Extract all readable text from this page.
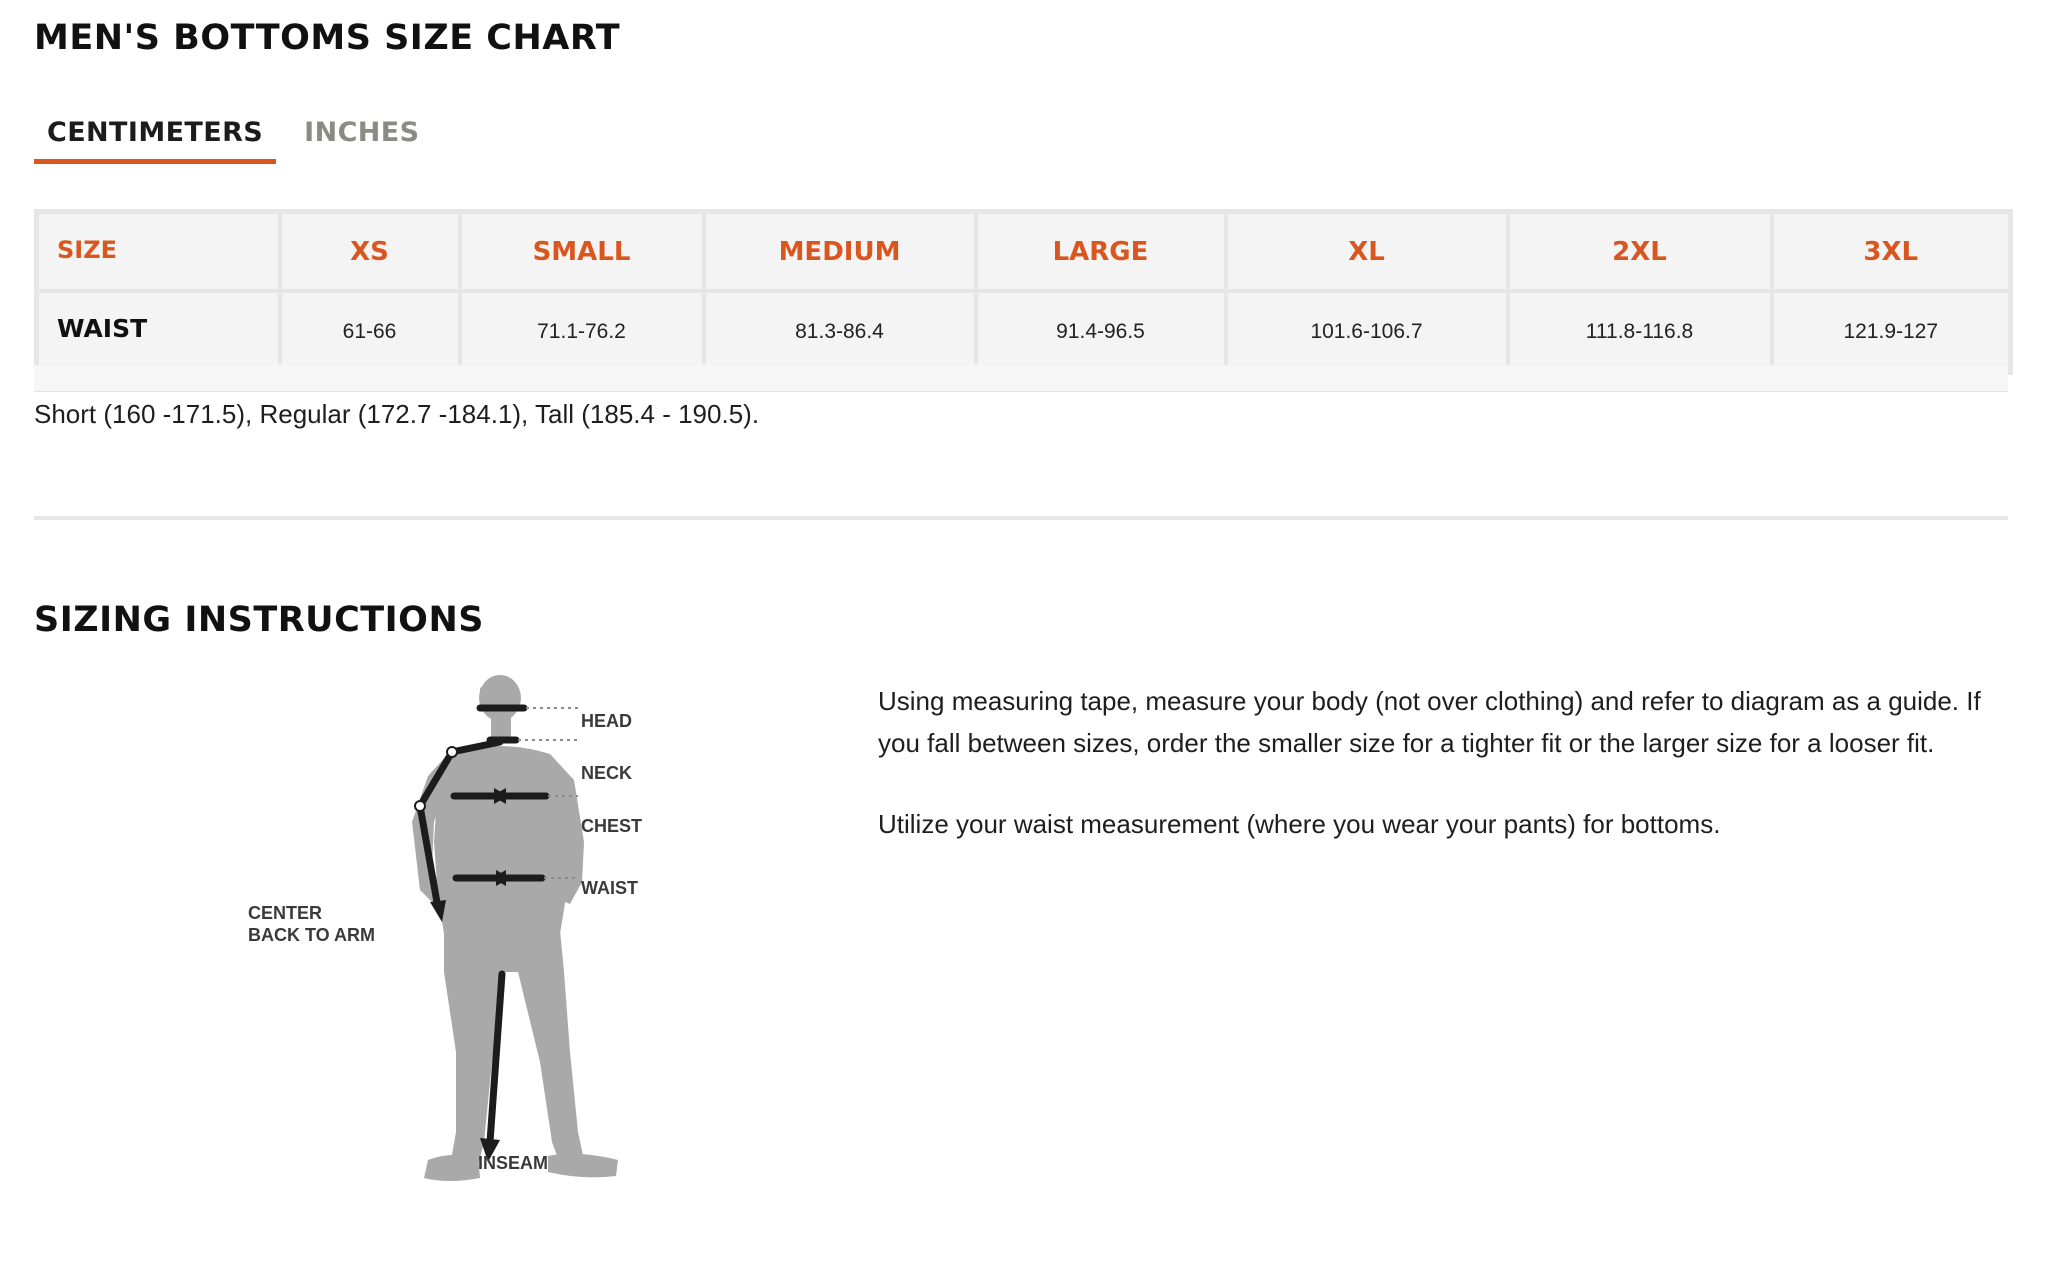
MEN'S BOTTOMS SIZE CHART
CENTIMETERS	INCHES
SIZE	XS	SMALL	MEDIUM	LARGE	XL	2XL	3XL
WAIST	61-66	71.1-76.2	81.3-86.4	91.4-96.5	101.6-106.7	111.8-116.8	121.9-127
Short (160 -171.5), Regular (172.7 -184.1), Tall (185.4 - 190.5).
SIZING INSTRUCTIONS
HEAD
NECK
CHEST
WAIST
CENTER
BACK TO ARM
INSEAM

Using measuring tape, measure your body (not over clothing) and refer to diagram as a guide. If you fall between sizes, order the smaller size for a tighter fit or the larger size for a looser fit.

Utilize your waist measurement (where you wear your pants) for bottoms.
